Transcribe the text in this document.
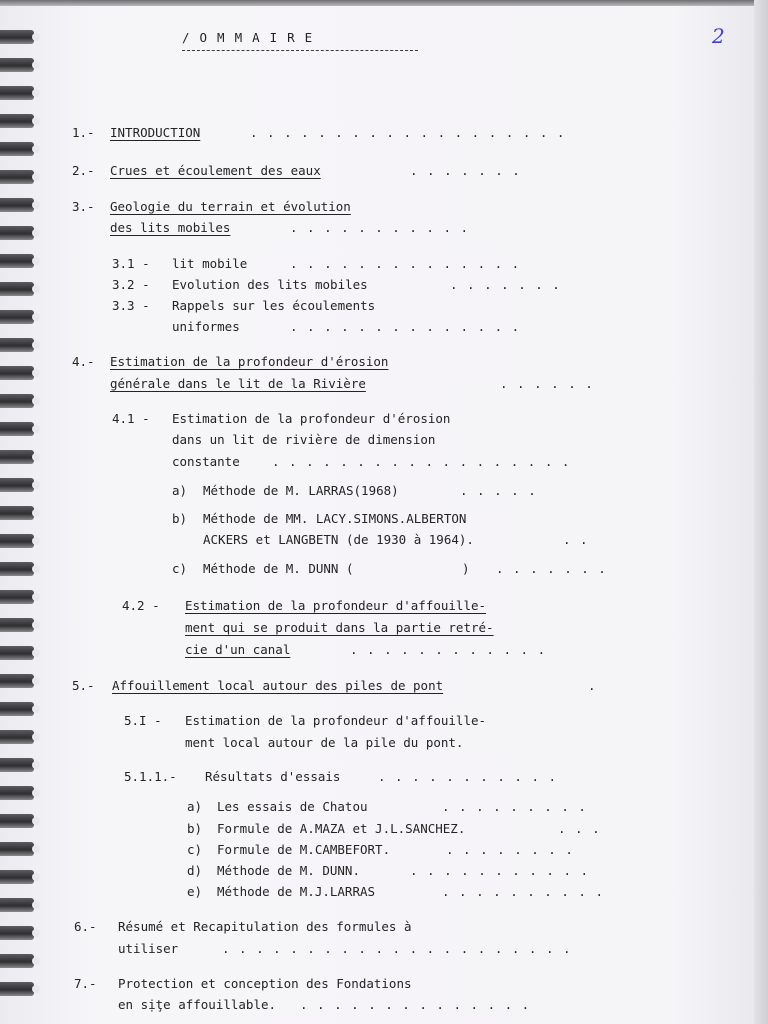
/OMMAIRE	2
1.- INTRODUCTION	. . . . . . . . . . . . . . . . . . .
2.- Crues et écoulement des eaux	. . . . . . .
3.- Geologie du terrain et évolution
des lits mobiles	. . . . . . . . . . .
3.1 - lit mobile	. . . . . . . . . . . . . .
3.2 - Evolution des lits mobiles	. . . . . . .
3.3 - Rappels sur les écoulements
uniformes	. . . . . . . . . . . . . .
4.- Estimation de la profondeur d'érosion
générale dans le lit de la Rivière	. . . . . .
4.1 - Estimation de la profondeur d'érosion
dans un lit de rivière de dimension
constante	. . . . . . . . . . . . . . . . . .
a) Méthode de M. LARRAS(1968)	. . . . .
b) Méthode de MM. LACY.SIMONS.ALBERTON
ACKERS et LANGBETN (de 1930 à 1964).	. .
c) Méthode de M. DUNN (	) . . . . . . .
4.2 - Estimation de la profondeur d'affouille-
ment qui se produit dans la partie retré-
cie d'un canal	. . . . . . . . . . . .
5.- Affouillement local autour des piles de pont	.
5.I - Estimation de la profondeur d'affouille-
ment local autour de la pile du pont.
5.1.1.- Résultats d'essais	. . . . . . . . . . .
a) Les essais de Chatou	. . . . . . . . .
b) Formule de A.MAZA et J.L.SANCHEZ.	. . .
c) Formule de M.CAMBEFORT.	. . . . . . . .
d) Méthode de M. DUNN.	. . . . . . . . . . .
e) Méthode de M.J.LARRAS	. . . . . . . . . .
6.- Résumé et Recapitulation des formules à
utiliser	. . . . . . . . . . . . . . . . . . . . .
7.- Protection et conception des Fondations
en sịţe affouillable. . . . . . . . . . . . . . .
